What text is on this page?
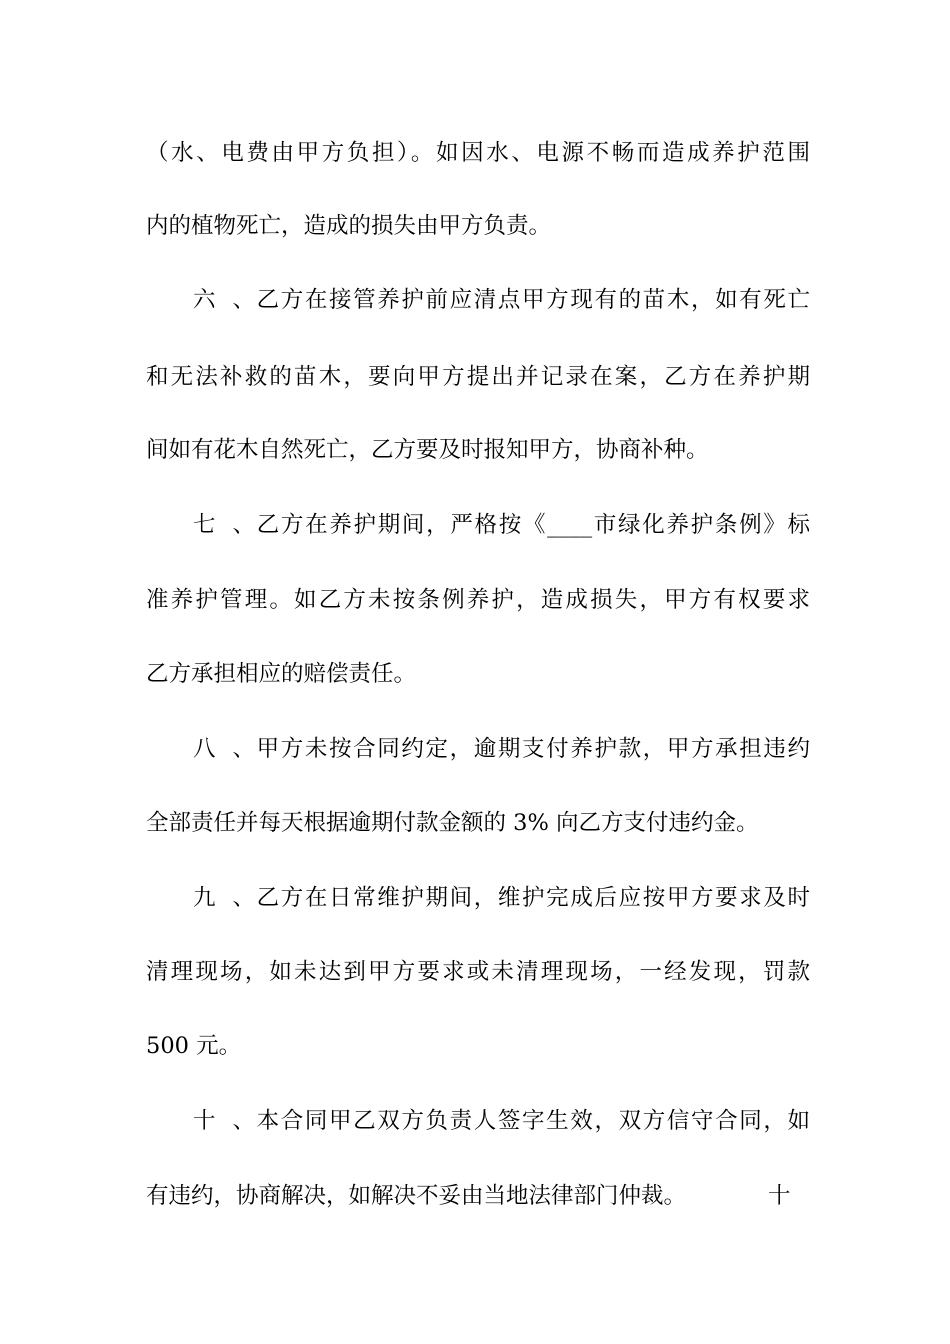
（水、电费由甲方负担）。如因水、电源不畅而造成养护范围
内的植物死亡，造成的损失由甲方负责。
六、乙方在接管养护前应清点甲方现有的苗木，如有死亡
和无法补救的苗木，要向甲方提出并记录在案，乙方在养护期
间如有花木自然死亡，乙方要及时报知甲方，协商补种。
七、乙方在养护期间，严格按《____市绿化养护条例》标
准养护管理。如乙方未按条例养护，造成损失，甲方有权要求
乙方承担相应的赔偿责任。
八、甲方未按合同约定，逾期支付养护款，甲方承担违约
全部责任并每天根据逾期付款金额的 3% 向乙方支付违约金。
九、乙方在日常维护期间，维护完成后应按甲方要求及时
清理现场，如未达到甲方要求或未清理现场，一经发现，罚款
500 元。
十、本合同甲乙双方负责人签字生效，双方信守合同，如
有违约，协商解决，如解决不妥由当地法律部门仲裁。	十
